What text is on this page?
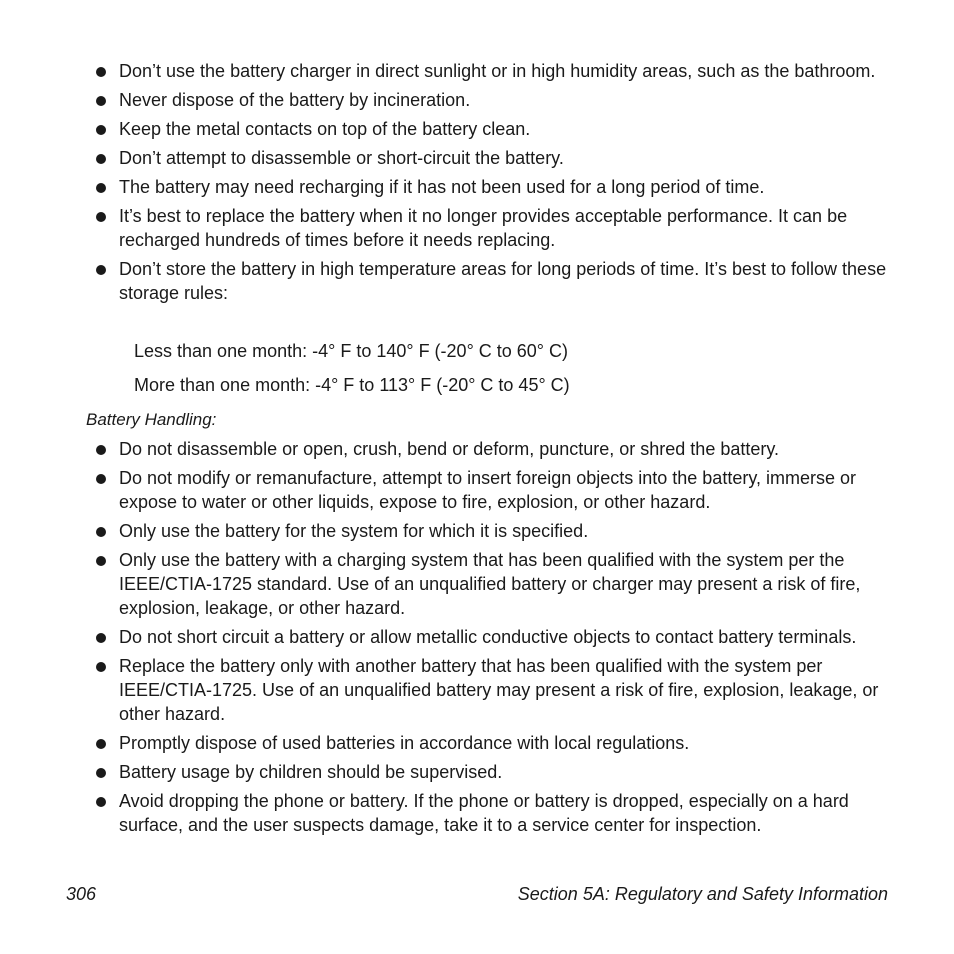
Don’t use the battery charger in direct sunlight or in high humidity areas, such as the bathroom.
Never dispose of the battery by incineration.
Keep the metal contacts on top of the battery clean.
Don’t attempt to disassemble or short-circuit the battery.
The battery may need recharging if it has not been used for a long period of time.
It’s best to replace the battery when it no longer provides acceptable performance. It can be recharged hundreds of times before it needs replacing.
Don’t store the battery in high temperature areas for long periods of time. It’s best to follow these storage rules:

Less than one month: -4° F to 140° F (-20° C to 60° C)

More than one month: -4° F to 113° F (-20° C to 45° C)

Battery Handling:

Do not disassemble or open, crush, bend or deform, puncture, or shred the battery.
Do not modify or remanufacture, attempt to insert foreign objects into the battery, immerse or expose to water or other liquids, expose to fire, explosion, or other hazard.
Only use the battery for the system for which it is specified.
Only use the battery with a charging system that has been qualified with the system per the IEEE/CTIA-1725 standard. Use of an unqualified battery or charger may present a risk of fire, explosion, leakage, or other hazard.
Do not short circuit a battery or allow metallic conductive objects to contact battery terminals.
Replace the battery only with another battery that has been qualified with the system per IEEE/CTIA-1725. Use of an unqualified battery may present a risk of fire, explosion, leakage, or other hazard.
Promptly dispose of used batteries in accordance with local regulations.
Battery usage by children should be supervised.
Avoid dropping the phone or battery. If the phone or battery is dropped, especially on a hard surface, and the user suspects damage, take it to a service center for inspection.
306	Section 5A: Regulatory and Safety Information
